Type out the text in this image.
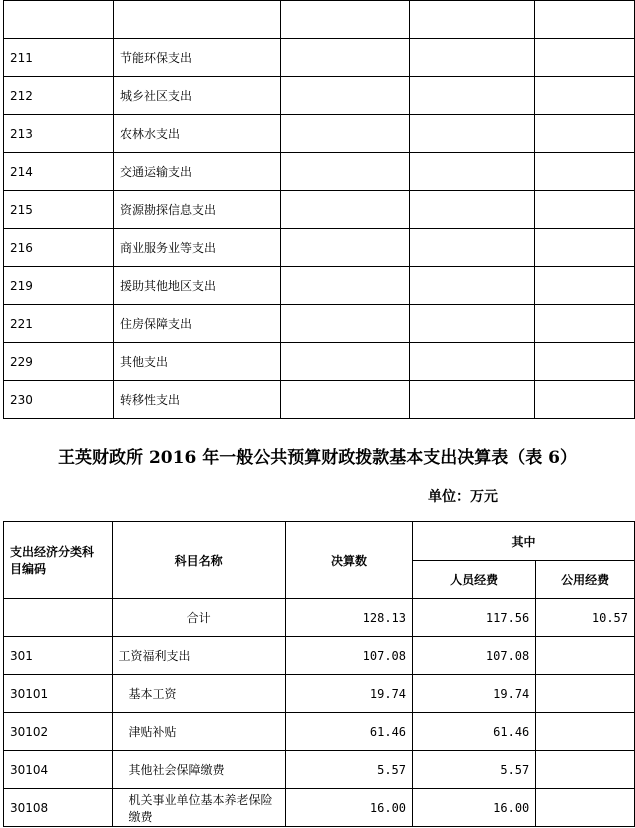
211	节能环保支出			
212	城乡社区支出			
213	农林水支出			
214	交通运输支出			
215	资源勘探信息支出			
216	商业服务业等支出			
219	援助其他地区支出			
221	住房保障支出			
229	其他支出			
230	转移性支出			
王英财政所 2016 年一般公共预算财政拨款基本支出决算表（表 6）
单位：万元
支出经济分类科目编码	科目名称	决算数	其中	
			人员经费	公用经费
	合计	128.13	117.56	10.57
301	工资福利支出	107.08	107.08	
30101	基本工资	19.74	19.74	
30102	津贴补贴	61.46	61.46	
30104	其他社会保障缴费	5.57	5.57	
30108	机关事业单位基本养老保险缴费	16.00	16.00	
